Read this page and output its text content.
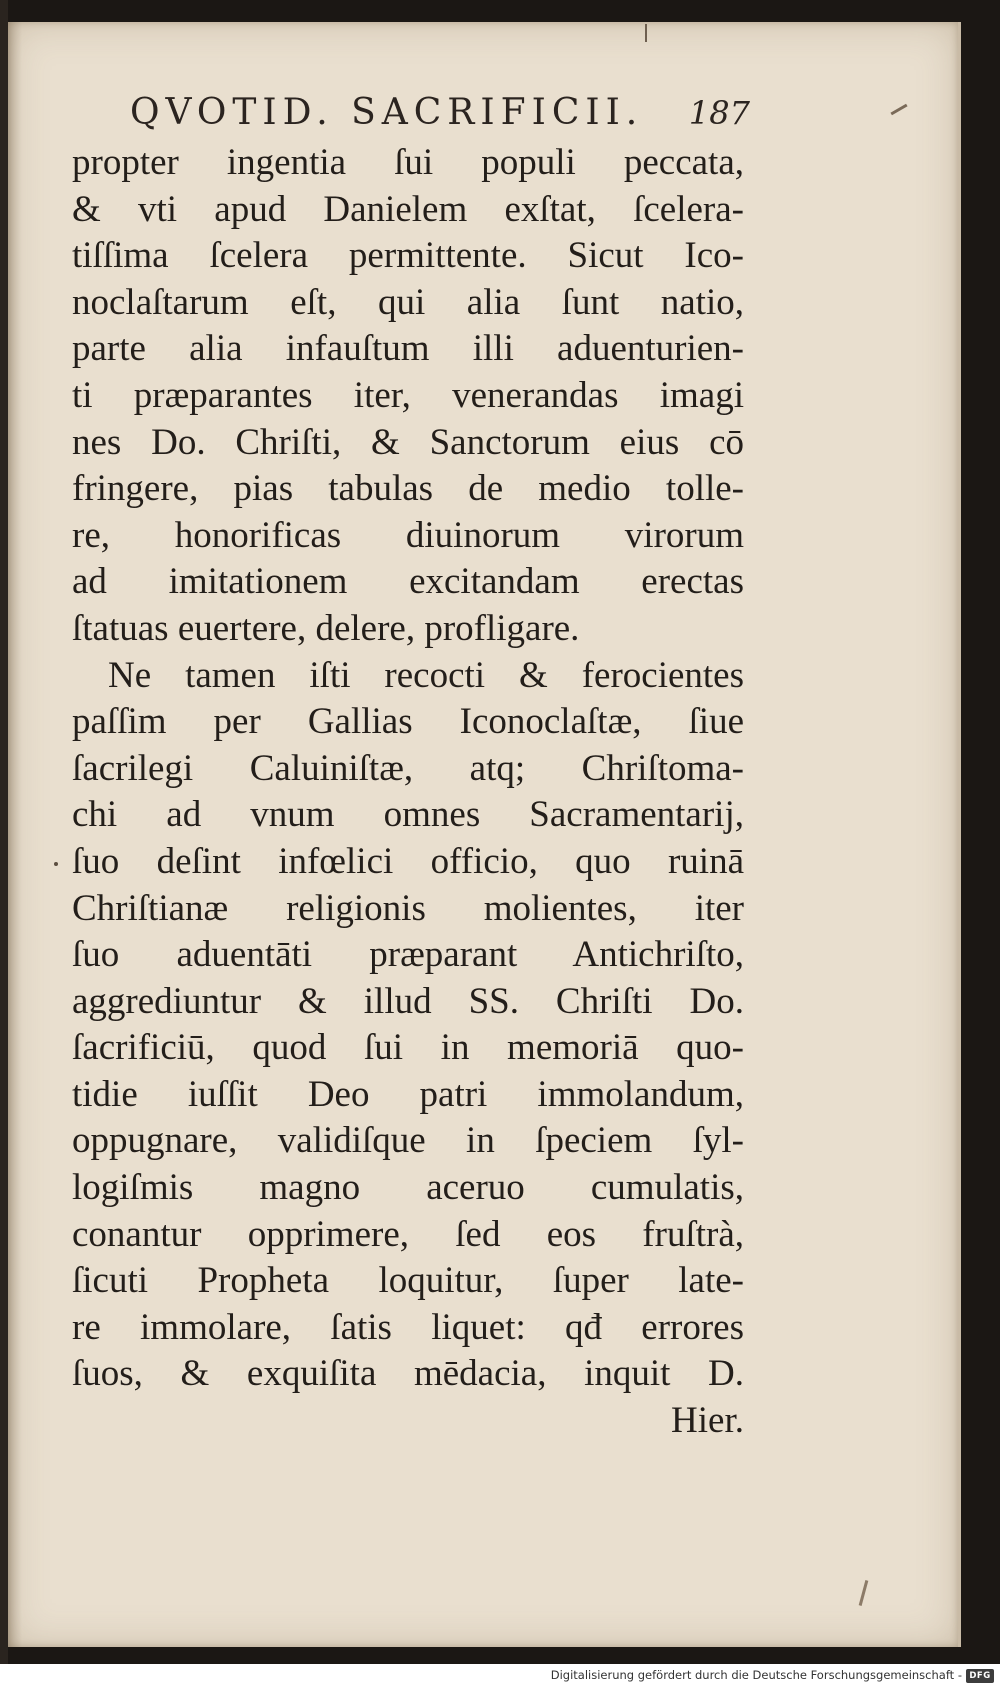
QVOTID. SACRIFICII. 187
propter ingentia ſui populi peccata,
& vti apud Danielem exſtat, ſcelera-
tiſſima ſcelera permittente. Sicut Ico-
noclaſtarum eſt, qui alia ſunt natio,
parte alia infauſtum illi aduenturien-
ti præparantes iter, venerandas imagi
nes Do. Chriſti, & Sanctorum eius cō
fringere, pias tabulas de medio tolle-
re, honorificas diuinorum virorum
ad imitationem excitandam erectas
ſtatuas euertere, delere, profligare.
Ne tamen iſti recocti & ferocientes
paſſim per Gallias Iconoclaſtæ, ſiue
ſacrilegi Caluiniſtæ, atq; Chriſtoma-
chi ad vnum omnes Sacramentarij,
ſuo deſint infœlici officio, quo ruinā
Chriſtianæ religionis molientes, iter
ſuo aduentāti præparant Antichriſto,
aggrediuntur & illud SS. Chriſti Do.
ſacrificiū, quod ſui in memoriā quo-
tidie iuſſit Deo patri immolandum,
oppugnare, validiſque in ſpeciem ſyl-
logiſmis magno aceruo cumulatis,
conantur opprimere, ſed eos fruſtrà,
ſicuti Propheta loquitur, ſuper late-
re immolare, ſatis liquet: qđ errores
ſuos, & exquiſita mēdacia, inquit D.
Hier.
Digitalisierung gefördert durch die Deutsche Forschungsgemeinschaft - DFG
